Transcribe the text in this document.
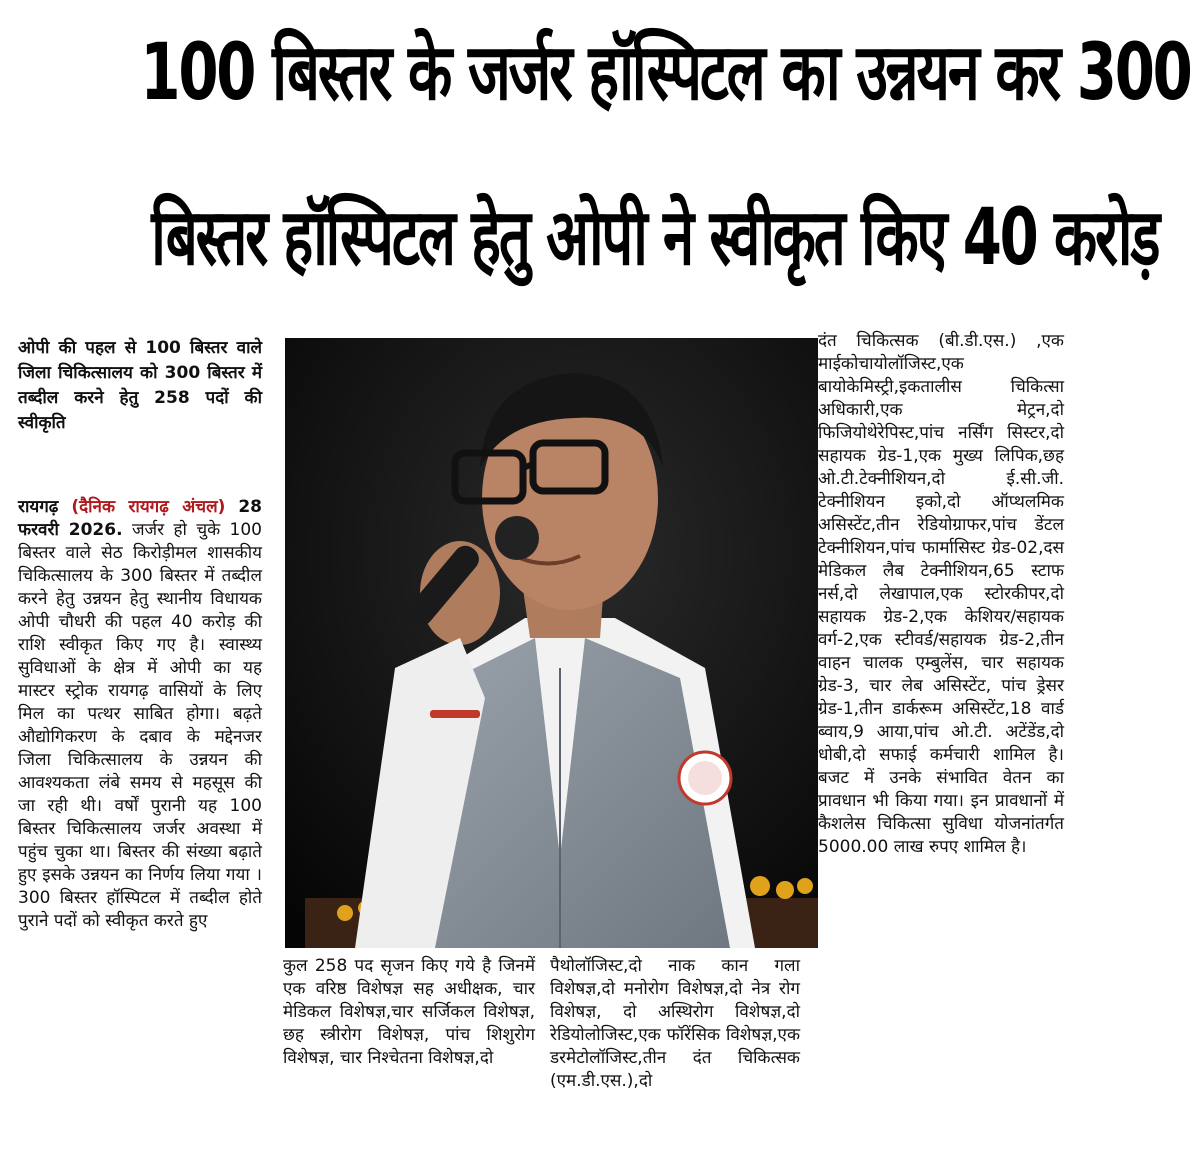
100 बिस्तर के जर्जर हॉस्पिटल का उन्नयन कर 300
बिस्तर हॉस्पिटल हेतु ओपी ने स्वीकृत किए 40 करोड़
ओपी की पहल से 100 बिस्तर वाले जिला चिकित्सालय को 300 बिस्तर में तब्दील करने हेतु 258 पदों की स्वीकृति

रायगढ़ (दैनिक रायगढ़ अंचल) 28 फरवरी 2026. जर्जर हो चुके 100 बिस्तर वाले सेठ किरोड़ीमल शासकीय चिकित्सालय के 300 बिस्तर में तब्दील करने हेतु उन्नयन हेतु स्थानीय विधायक ओपी चौधरी की पहल 40 करोड़ की राशि स्वीकृत किए गए है। स्वास्थ्य सुविधाओं के क्षेत्र में ओपी का यह मास्टर स्ट्रोक रायगढ़ वासियों के लिए मिल का पत्थर साबित होगा। बढ़ते औद्योगिकरण के दबाव के मद्देनजर जिला चिकित्सालय के उन्नयन की आवश्यकता लंबे समय से महसूस की जा रही थी। वर्षों पुरानी यह 100 बिस्तर चिकित्सालय जर्जर अवस्था में पहुंच चुका था। बिस्तर की संख्या बढ़ाते हुए इसके उन्नयन का निर्णय लिया गया । 300 बिस्तर हॉस्पिटल में तब्दील होते पुराने पदों को स्वीकृत करते हुए

कुल 258 पद सृजन किए गये है जिनमें एक वरिष्ठ विशेषज्ञ सह अधीक्षक, चार मेडिकल विशेषज्ञ,चार सर्जिकल विशेषज्ञ, छह स्त्रीरोग विशेषज्ञ, पांच शिशुरोग विशेषज्ञ, चार निश्चेतना विशेषज्ञ,दो

पैथोलॉजिस्ट,दो नाक कान गला विशेषज्ञ,दो मनोरोग विशेषज्ञ,दो नेत्र रोग विशेषज्ञ, दो अस्थिरोग विशेषज्ञ,दो रेडियोलोजिस्ट,एक फॉरेंसिक विशेषज्ञ,एक डरमेटोलॉजिस्ट,तीन दंत चिकित्सक (एम.डी.एस.),दो

दंत चिकित्सक (बी.डी.एस.) ,एक माईकोचायोलॉजिस्ट,एक बायोकेमिस्ट्री,इकतालीस चिकित्सा अधिकारी,एक मेट्रन,दो फिजियोथेरेपिस्ट,पांच नर्सिंग सिस्टर,दो सहायक ग्रेड-1,एक मुख्य लिपिक,छह ओ.टी.टेक्नीशियन,दो ई.सी.जी. टेक्नीशियन इको,दो ऑप्थलमिक असिस्टेंट,तीन रेडियोग्राफर,पांच डेंटल टेक्नीशियन,पांच फार्मासिस्ट ग्रेड-02,दस मेडिकल लैब टेक्नीशियन,65 स्टाफ नर्स,दो लेखापाल,एक स्टोरकीपर,दो सहायक ग्रेड-2,एक केशियर/सहायक वर्ग-2,एक स्टीवर्ड/सहायक ग्रेड-2,तीन वाहन चालक एम्बुलेंस, चार सहायक ग्रेड-3, चार लेब असिस्टेंट, पांच ड्रेसर ग्रेड-1,तीन डार्करूम असिस्टेंट,18 वार्ड ब्वाय,9 आया,पांच ओ.टी. अटेंडेंड,दो धोबी,दो सफाई कर्मचारी शामिल है। बजट में उनके संभावित वेतन का प्रावधान भी किया गया। इन प्रावधानों में कैशलेस चिकित्सा सुविधा योजनांतर्गत 5000.00 लाख रुपए शामिल है।
